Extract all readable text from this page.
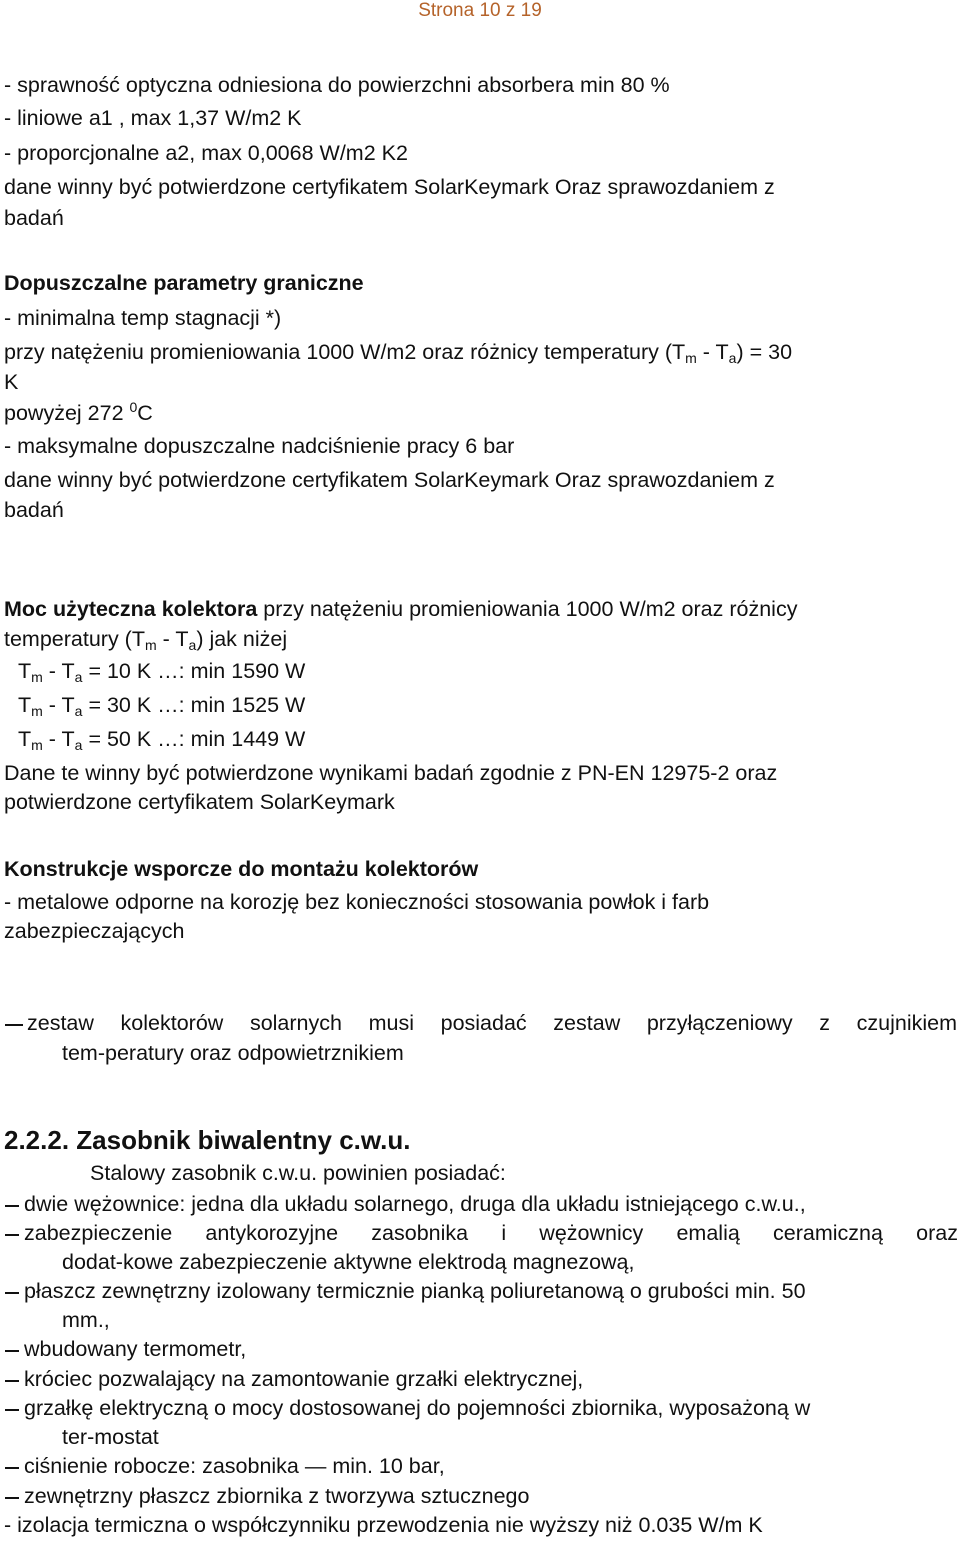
Strona 10 z 19
- sprawność optyczna odniesiona do powierzchni absorbera min 80 %
- liniowe a1 , max 1,37 W/m2 K
- proporcjonalne a2, max 0,0068 W/m2 K2
dane winny być potwierdzone certyfikatem SolarKeymark Oraz sprawozdaniem z
badań
Dopuszczalne parametry graniczne
- minimalna temp stagnacji *)
przy natężeniu promieniowania 1000 W/m2 oraz różnicy temperatury $(T_m - T_a) = 30$
K
powyżej 272 $^0$C
- maksymalne dopuszczalne nadciśnienie pracy 6 bar
dane winny być potwierdzone certyfikatem SolarKeymark Oraz sprawozdaniem z
badań
Moc użyteczna kolektora przy natężeniu promieniowania 1000 W/m2 oraz różnicy
temperatury $(T_m - T_a)$ jak niżej
$T_m - T_a = 10$ K …: min 1590 W
$T_m - T_a = 30$ K …: min 1525 W
$T_m - T_a = 50$ K …: min 1449 W
Dane te winny być potwierdzone wynikami badań zgodnie z PN-EN 12975-2 oraz
potwierdzone certyfikatem SolarKeymark
Konstrukcje wsporcze do montażu kolektorów
- metalowe odporne na korozję bez konieczności stosowania powłok i farb
zabezpieczających
zestaw kolektorów solarnych musi posiadać zestaw przyłączeniowy z czujnikiem
tem-peratury oraz odpowietrznikiem
2.2.2. Zasobnik biwalentny c.w.u.
Stalowy zasobnik c.w.u. powinien posiadać:
dwie wężownice: jedna dla układu solarnego, druga dla układu istniejącego c.w.u.,
zabezpieczenie antykorozyjne zasobnika i wężownicy emalią ceramiczną oraz
dodat-kowe zabezpieczenie aktywne elektrodą magnezową,
płaszcz zewnętrzny izolowany termicznie pianką poliuretanową o grubości min. 50
mm.,
wbudowany termometr,
króciec pozwalający na zamontowanie grzałki elektrycznej,
grzałkę elektryczną o mocy dostosowanej do pojemności zbiornika, wyposażoną w
ter-mostat
ciśnienie robocze: zasobnika — min. 10 bar,
zewnętrzny płaszcz zbiornika z tworzywa sztucznego
- izolacja termiczna o współczynniku przewodzenia nie wyższy niż 0.035 W/m K
